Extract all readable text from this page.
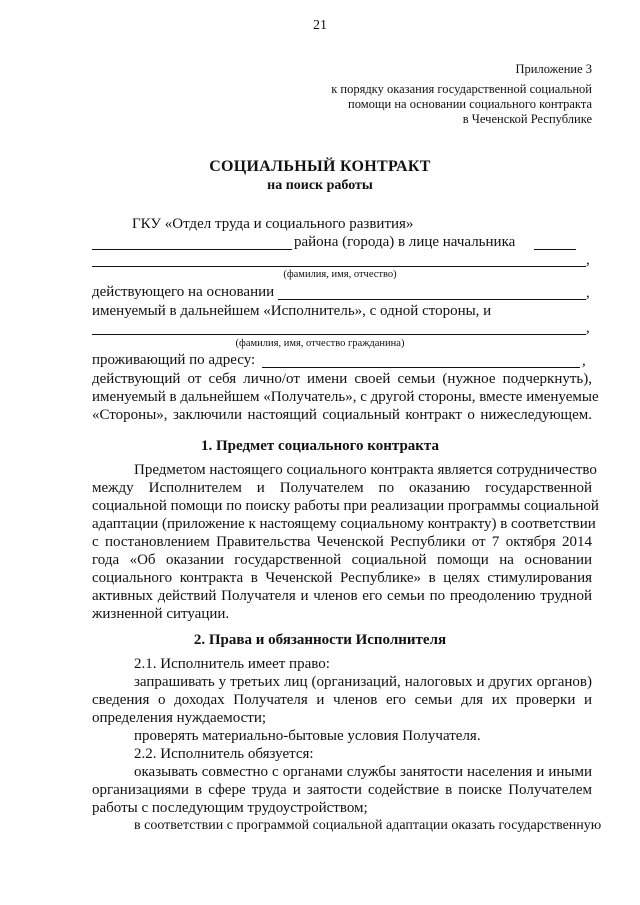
21
Приложение 3
к порядку оказания государственной социальной
помощи на основании социального контракта
в Чеченской Республике
СОЦИАЛЬНЫЙ КОНТРАКТ
на поиск работы
ГКУ «Отдел труда и социального развития»
района (города) в лице начальника
,
(фамилия, имя, отчество)
действующего на основании	,
именуемый в дальнейшем «Исполнитель», с одной стороны, и
,
(фамилия, имя, отчество гражданина)
проживающий по адресу:	,
действующий от себя лично/от имени своей семьи (нужное подчеркнуть),
именуемый в дальнейшем «Получатель», с другой стороны, вместе именуемые
«Стороны», заключили настоящий социальный контракт о нижеследующем.
1. Предмет социального контракта
Предметом настоящего социального контракта является сотрудничество
между Исполнителем и Получателем по оказанию государственной
социальной помощи по поиску работы при реализации программы социальной
адаптации (приложение к настоящему социальному контракту) в соответствии
с постановлением Правительства Чеченской Республики от 7 октября 2014
года «Об оказании государственной социальной помощи на основании
социального контракта в Чеченской Республике» в целях стимулирования
активных действий Получателя и членов его семьи по преодолению трудной
жизненной ситуации.
2. Права и обязанности Исполнителя
2.1. Исполнитель имеет право:
запрашивать у третьих лиц (организаций, налоговых и других органов)
сведения о доходах Получателя и членов его семьи для их проверки и
определения нуждаемости;
проверять материально-бытовые условия Получателя.
2.2. Исполнитель обязуется:
оказывать совместно с органами службы занятости населения и иными
организациями в сфере труда и заятости содействие в поиске Получателем
работы с последующим трудоустройством;
в соответствии с программой социальной адаптации оказать государственную
